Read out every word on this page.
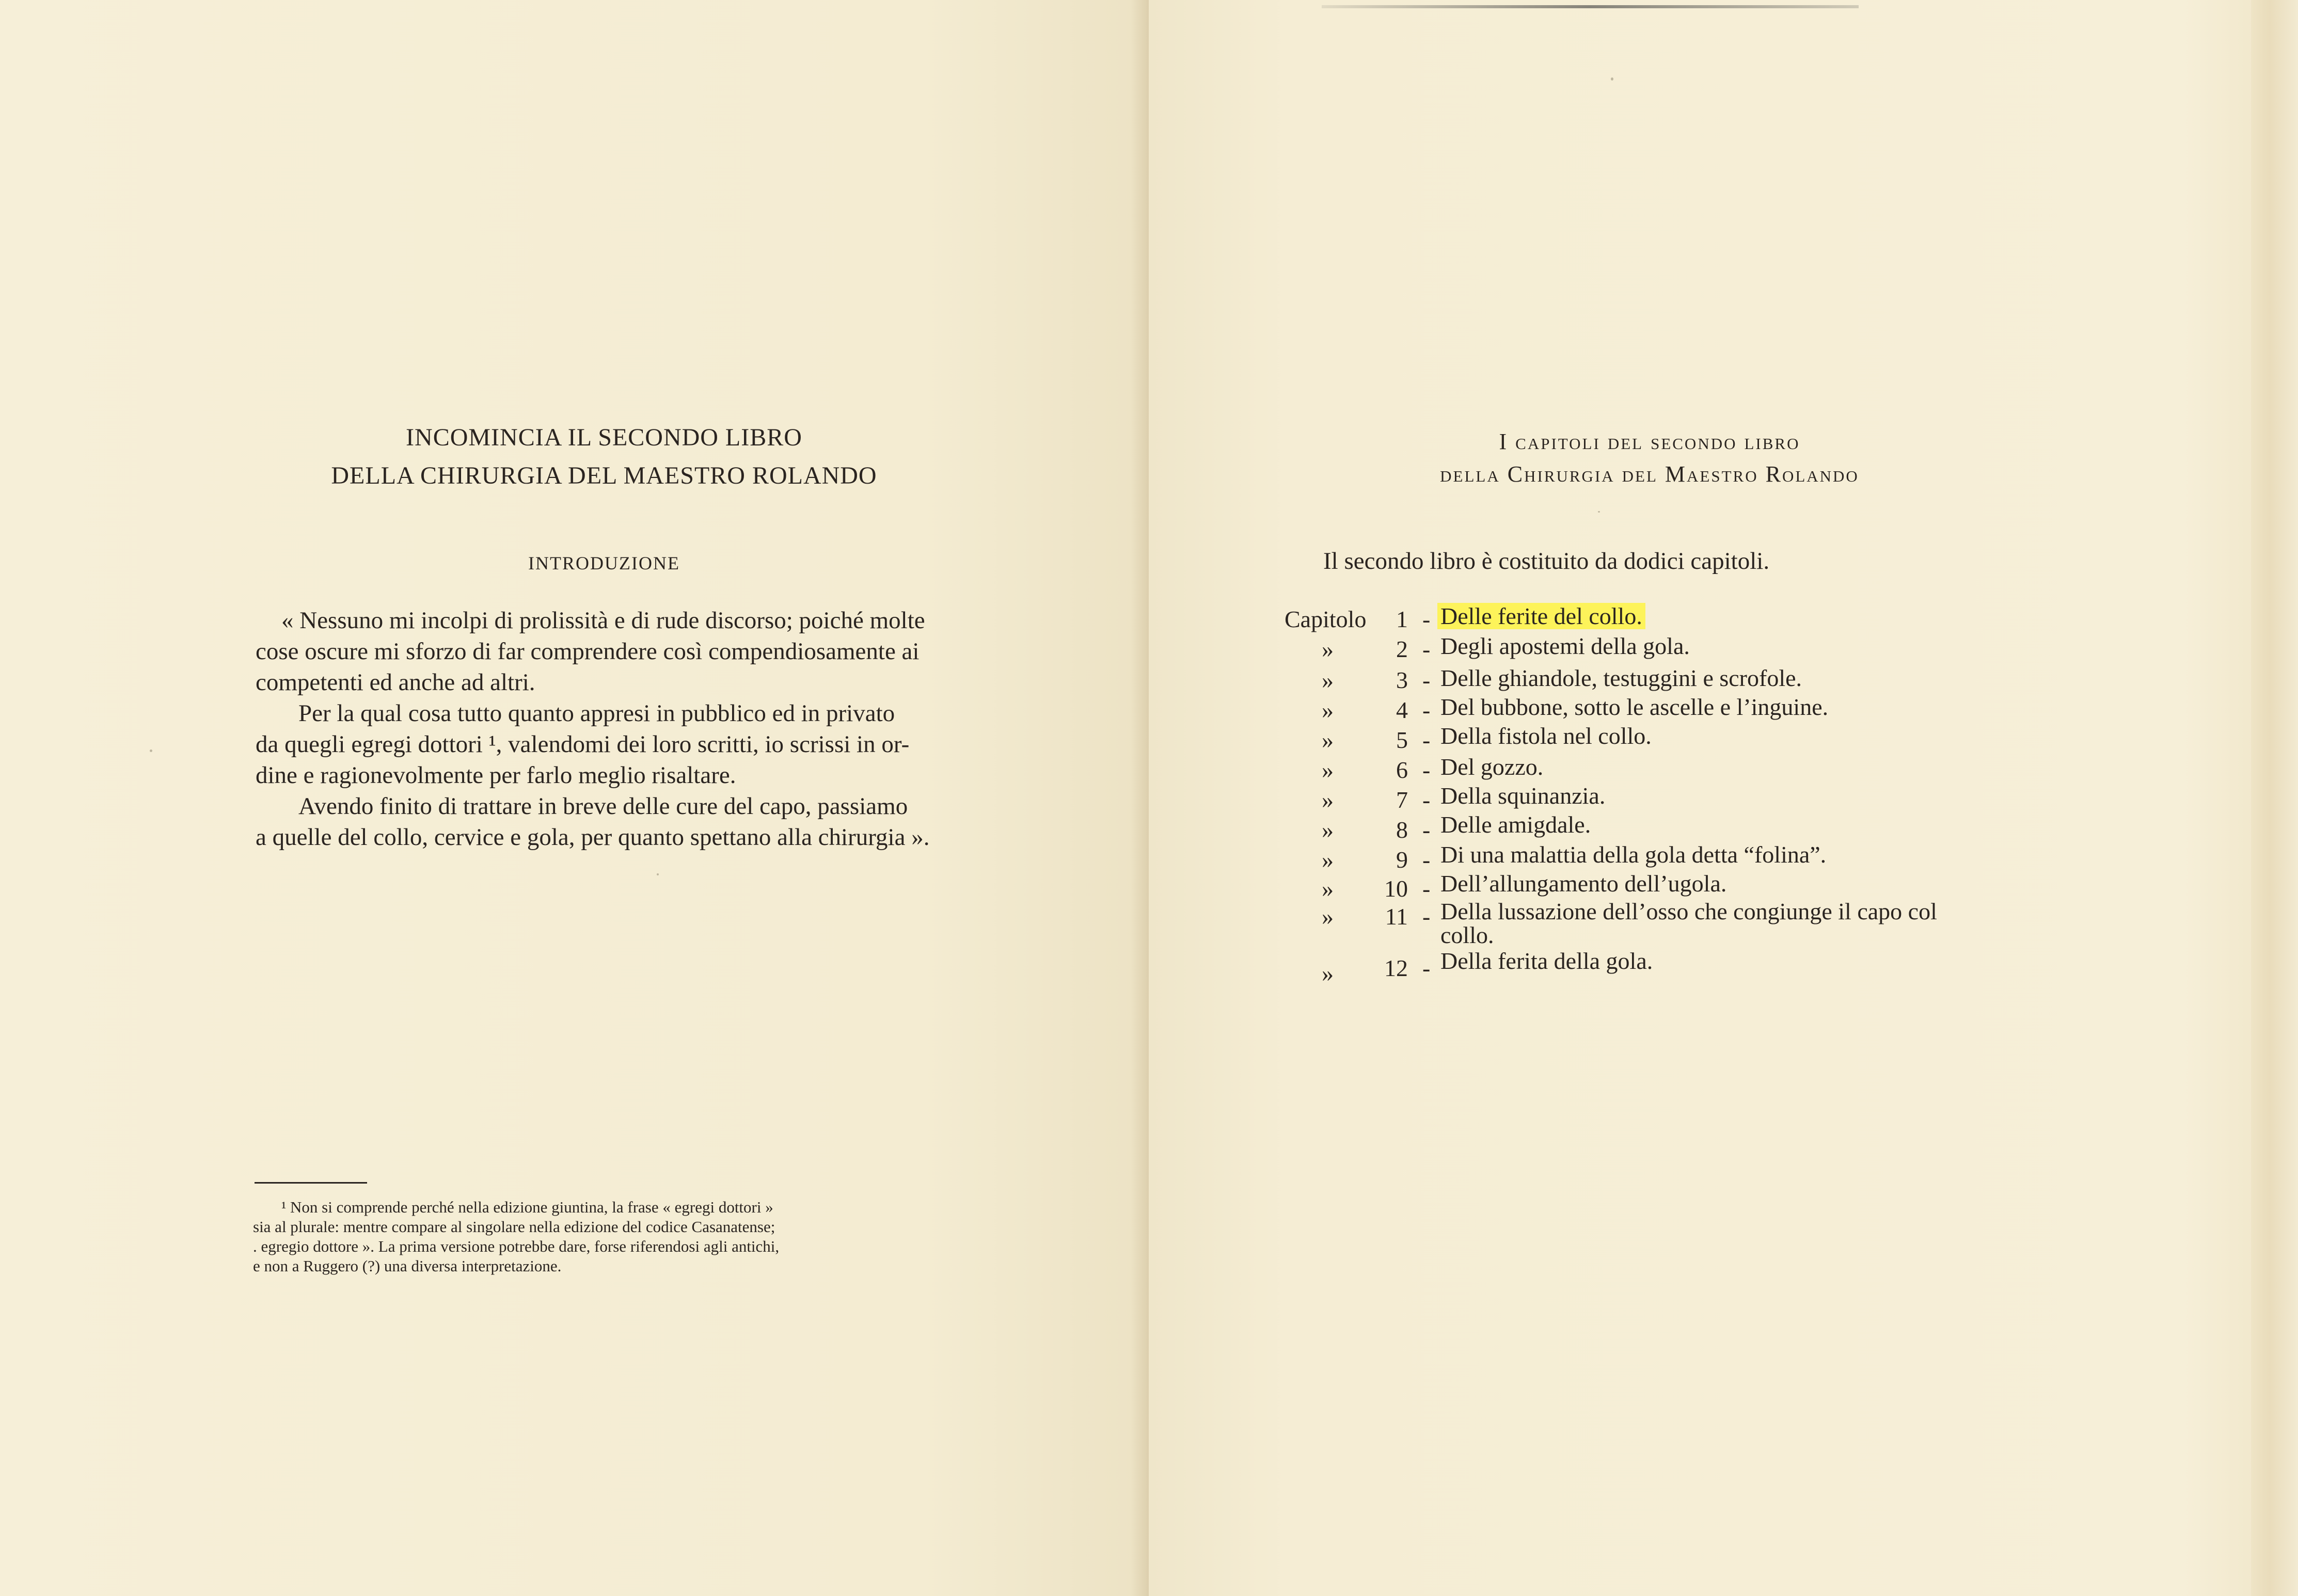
INCOMINCIA IL SECONDO LIBRO
DELLA CHIRURGIA DEL MAESTRO ROLANDO
INTRODUZIONE
« Nessuno mi incolpi di prolissità e di rude discorso; poiché molte
cose oscure mi sforzo di far comprendere così compendiosamente ai
competenti ed anche ad altri.
Per la qual cosa tutto quanto appresi in pubblico ed in privato
da quegli egregi dottori ¹, valendomi dei loro scritti, io scrissi in or-
dine e ragionevolmente per farlo meglio risaltare.
Avendo finito di trattare in breve delle cure del capo, passiamo
a quelle del collo, cervice e gola, per quanto spettano alla chirurgia ».
¹ Non si comprende perché nella edizione giuntina, la frase « egregi dottori »
sia al plurale: mentre compare al singolare nella edizione del codice Casanatense;
. egregio dottore ». La prima versione potrebbe dare, forse riferendosi agli antichi,
e non a Ruggero (?) una diversa interpretazione.
I capitoli del secondo libro
della Chirurgia del Maestro Rolando
Il secondo libro è costituito da dodici capitoli.
Capitolo	1 - Delle ferite del collo.
»	2 - Degli apostemi della gola.
»	3 - Delle ghiandole, testuggini e scrofole.
»	4 - Del bubbone, sotto le ascelle e l’inguine.
»	5 - Della fistola nel collo.
»	6 - Del gozzo.
»	7 - Della squinanzia.
»	8 - Delle amigdale.
»	9 - Di una malattia della gola detta “folina”.
»	10 - Dell’allungamento dell’ugola.
»	11 - Della lussazione dell’osso che congiunge il capo col
collo.
»	12 - Della ferita della gola.
